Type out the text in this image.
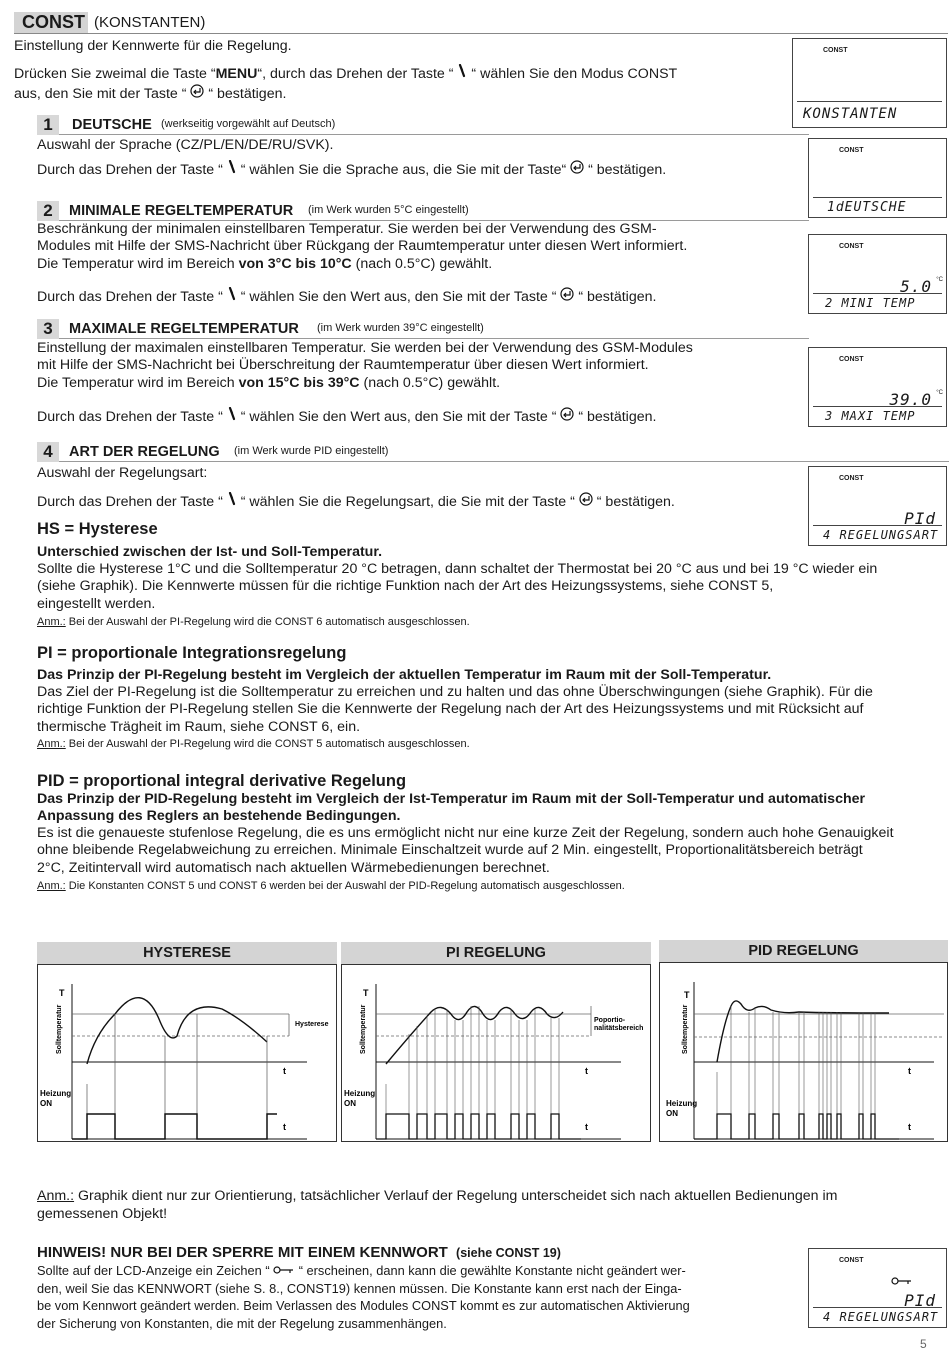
CONST (KONSTANTEN)
Einstellung der Kennwerte für die Regelung.
Drücken Sie zweimal die Taste “MENU“, durch das Drehen der Taste “ “ wählen Sie den Modus CONST
aus, den Sie mit der Taste “ “ bestätigen.
CONST
KONSTANTEN
1	DEUTSCHE (werkseitig vorgewählt auf Deutsch)
Auswahl der Sprache (CZ/PL/EN/DE/RU/SVK).
Durch das Drehen der Taste “ “ wählen Sie die Sprache aus, die Sie mit der Taste“ “ bestätigen.
CONST
1dEUTSCHE
2	MINIMALE REGELTEMPERATUR (im Werk wurden 5°C eingestellt)
Beschränkung der minimalen einstellbaren Temperatur. Sie werden bei der Verwendung des GSM-
Modules mit Hilfe der SMS-Nachricht über Rückgang der Raumtemperatur unter diesen Wert informiert.
Die Temperatur wird im Bereich von 3°C bis 10°C (nach 0.5°C) gewählt.
Durch das Drehen der Taste “ “ wählen Sie den Wert aus, den Sie mit der Taste “ “ bestätigen.
CONST
5.0 °C
2 MINI TEMP
3	MAXIMALE REGELTEMPERATUR (im Werk wurden 39°C eingestellt)
Einstellung der maximalen einstellbaren Temperatur. Sie werden bei der Verwendung des GSM-Modules
mit Hilfe der SMS-Nachricht bei Überschreitung der Raumtemperatur über diesen Wert informiert.
Die Temperatur wird im Bereich von 15°C bis 39°C (nach 0.5°C) gewählt.
Durch das Drehen der Taste “ “ wählen Sie den Wert aus, den Sie mit der Taste “ “ bestätigen.
CONST
39.0 °C
3 MAXI TEMP
4	ART DER REGELUNG (im Werk wurde PID eingestellt)
Auswahl der Regelungsart:
Durch das Drehen der Taste “ “ wählen Sie die Regelungsart, die Sie mit der Taste “ “ bestätigen.
CONST
PId
4 REGELUNGSART
HS = Hysterese
Unterschied zwischen der Ist- und Soll-Temperatur.
Sollte die Hysterese 1°C und die Solltemperatur 20 °C betragen, dann schaltet der Thermostat bei 20 °C aus und bei 19 °C wieder ein
(siehe Graphik). Die Kennwerte müssen für die richtige Funktion nach der Art des Heizungssystems, siehe CONST 5,
eingestellt werden.
Anm.: Bei der Auswahl der PI-Regelung wird die CONST 6 automatisch ausgeschlossen.
PI = proportionale Integrationsregelung
Das Prinzip der PI-Regelung besteht im Vergleich der aktuellen Temperatur im Raum mit der Soll-Temperatur.
Das Ziel der PI-Regelung ist die Solltemperatur zu erreichen und zu halten und das ohne Überschwingungen (siehe Graphik). Für die
richtige Funktion der PI-Regelung stellen Sie die Kennwerte der Regelung nach der Art des Heizungssystems und mit Rücksicht auf
thermische Trägheit im Raum, siehe CONST 6, ein.
Anm.: Bei der Auswahl der PI-Regelung wird die CONST 5 automatisch ausgeschlossen.
PID = proportional integral derivative Regelung
Das Prinzip der PID-Regelung besteht im Vergleich der Ist-Temperatur im Raum mit der Soll-Temperatur und automatischer
Anpassung des Reglers an bestehende Bedingungen.
Es ist die genaueste stufenlose Regelung, die es uns ermöglicht nicht nur eine kurze Zeit der Regelung, sondern auch hohe Genauigkeit
ohne bleibende Regelabweichung zu erreichen. Minimale Einschaltzeit wurde auf 2 Min. eingestellt, Proportionalitätsbereich beträgt
2°C, Zeitintervall wird automatisch nach aktuellen Wärmebedienungen berechnet.
Anm.: Die Konstanten CONST 5 und CONST 6 werden bei der Auswahl der PID-Regelung automatisch ausgeschlossen.
HYSTERESE
T
t
t
Solltemperatur
Heizung
ON
Hysterese
PI REGELUNG
T
t
t
Solltemperatur
Heizung
ON
Poportio-
nalitätsbereich
PID REGELUNG
T
t
t
Solltemperatur
Heizung
ON
Anm.: Graphik dient nur zur Orientierung, tatsächlicher Verlauf der Regelung unterscheidet sich nach aktuellen Bedienungen im
gemessenen Objekt!
HINWEIS! NUR BEI DER SPERRE MIT EINEM KENNWORT (siehe CONST 19)
Sollte auf der LCD-Anzeige ein Zeichen “ “ erscheinen, dann kann die gewählte Konstante nicht geändert wer-
den, weil Sie das KENNWORT (siehe S. 8., CONST19) kennen müssen. Die Konstante kann erst nach der Einga-
be vom Kennwort geändert werden. Beim Verlassen des Modules CONST kommt es zur automatischen Aktivierung
der Sicherung von Konstanten, die mit der Regelung zusammenhängen.
CONST
PId
4 REGELUNGSART
5
